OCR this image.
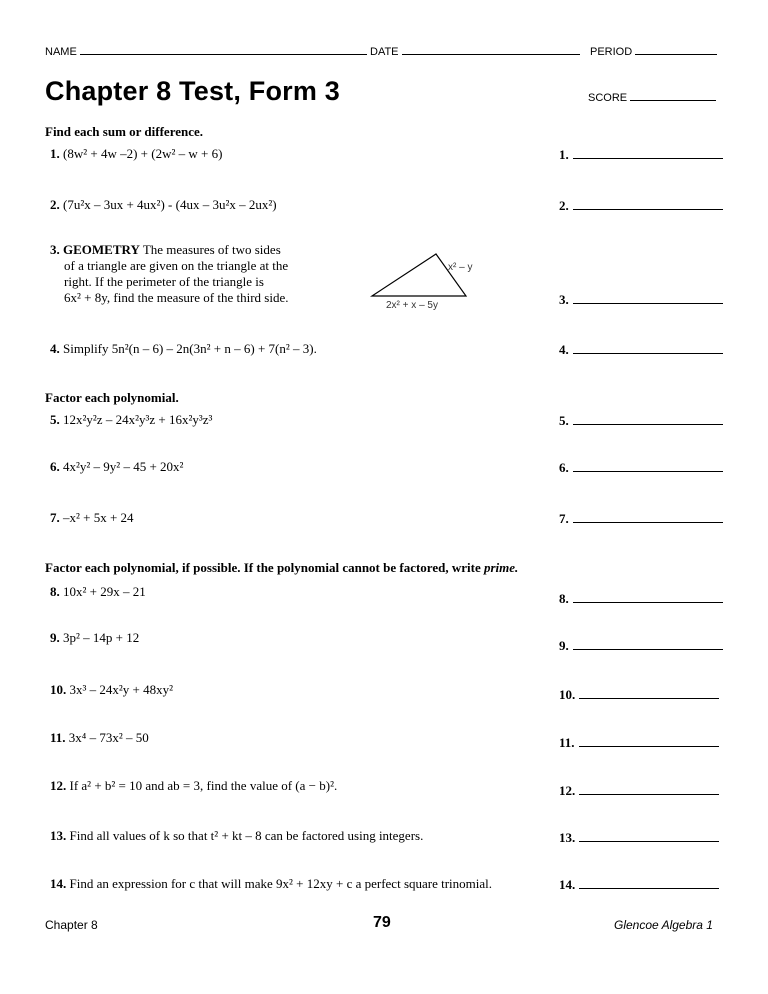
NAME	DATE	PERIOD
Chapter 8 Test, Form 3	SCORE
Find each sum or difference.
1. (8w² + 4w –2) + (2w² – w + 6)
2. (7u²x – 3ux + 4ux²) - (4ux – 3u²x – 2ux²)
3. GEOMETRY The measures of two sides
of a triangle are given on the triangle at the
right. If the perimeter of the triangle is
6x² + 8y, find the measure of the third side.
x² – y
2x² + x – 5y
4. Simplify 5n²(n – 6) – 2n(3n² + n – 6) + 7(n² – 3).
Factor each polynomial.
5. 12x²y²z – 24x²y³z + 16x²y³z³
6. 4x²y² – 9y² – 45 + 20x²
7. –x² + 5x + 24
Factor each polynomial, if possible. If the polynomial cannot be factored, write prime.
8. 10x² + 29x – 21
9. 3p² – 14p + 12
10. 3x³ – 24x²y + 48xy²
11. 3x⁴ – 73x² – 50
12. If a² + b² = 10 and ab = 3, find the value of (a − b)².
13. Find all values of k so that t² + kt – 8 can be factored using integers.
14. Find an expression for c that will make 9x² + 12xy + c a perfect square trinomial.
1.
2.
3.
4.
5.
6.
7.
8.
9.
10.
11.
12.
13.
14.
Chapter 8	79	Glencoe Algebra 1
